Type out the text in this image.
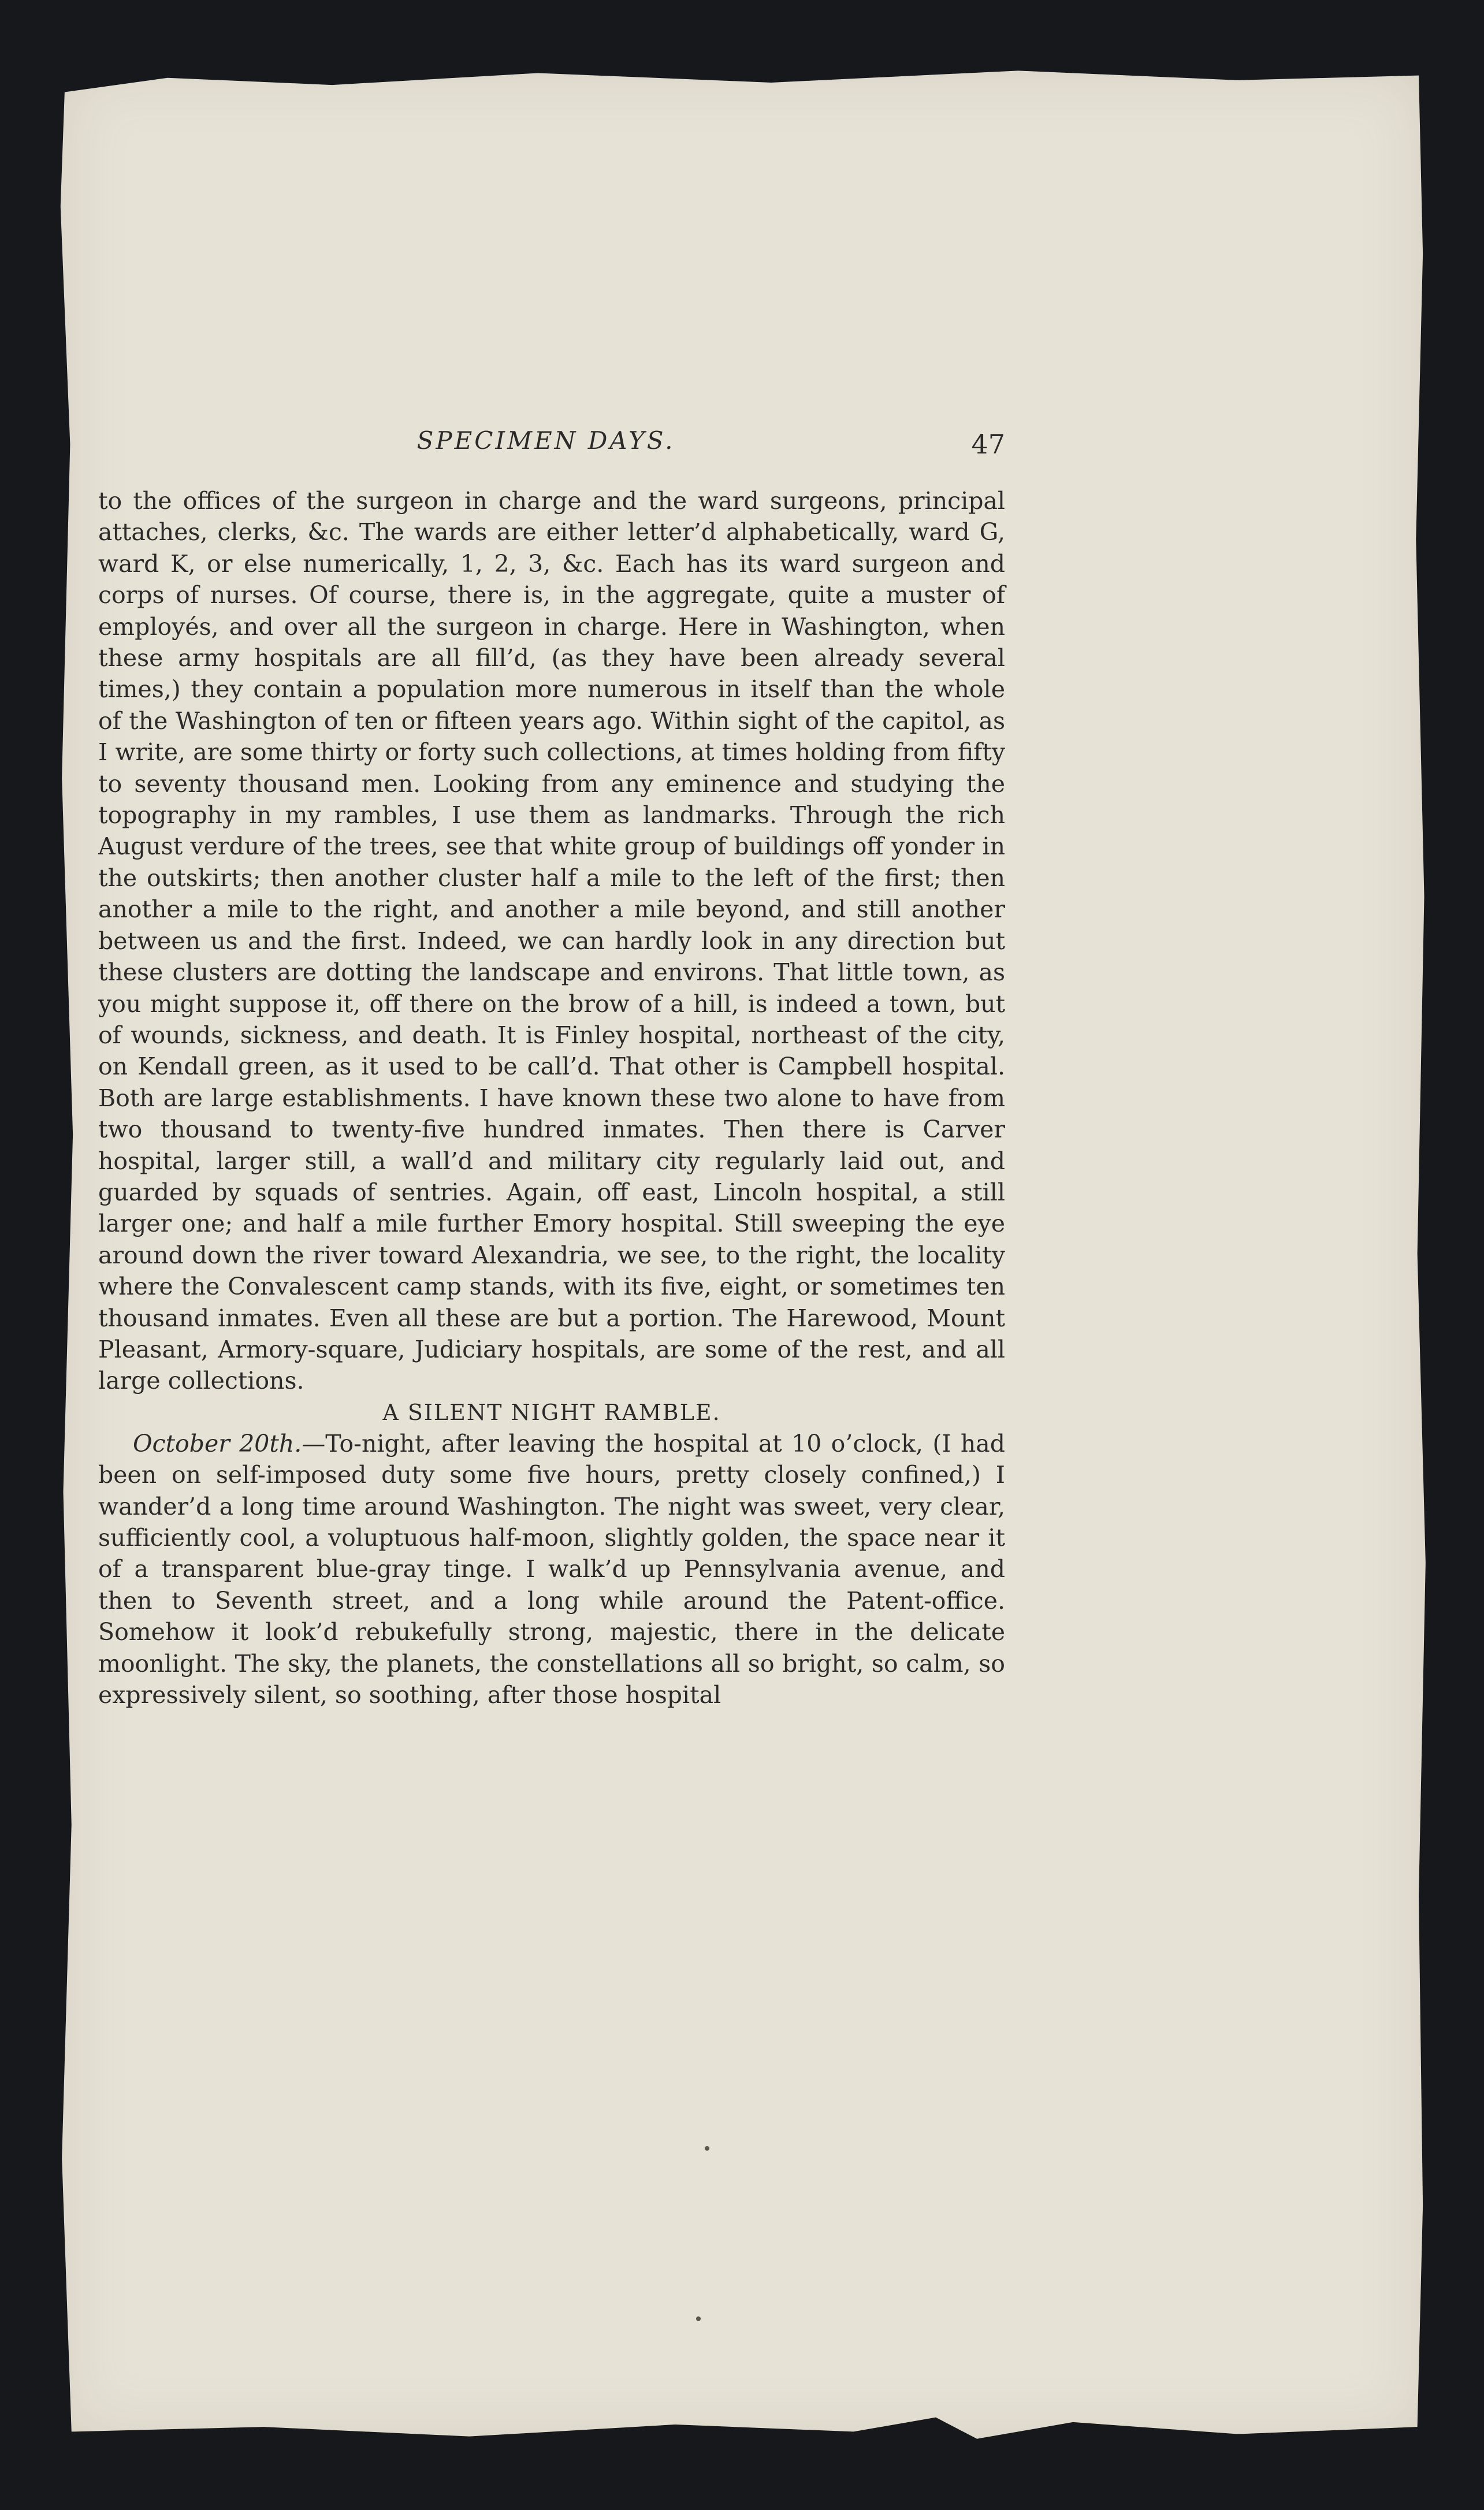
SPECIMEN DAYS.	47

to the offices of the surgeon in charge and the ward surgeons, principal attaches, clerks, &c. The wards are either letter’d alphabetically, ward G, ward K, or else numerically, 1, 2, 3, &c. Each has its ward surgeon and corps of nurses. Of course, there is, in the aggregate, quite a muster of employés, and over all the surgeon in charge. Here in Washington, when these army hospitals are all fill’d, (as they have been already several times,) they contain a population more numerous in itself than the whole of the Washington of ten or fifteen years ago. Within sight of the capitol, as I write, are some thirty or forty such collections, at times holding from fifty to seventy thousand men. Looking from any eminence and studying the topography in my rambles, I use them as landmarks. Through the rich August verdure of the trees, see that white group of buildings off yonder in the outskirts; then another cluster half a mile to the left of the first; then another a mile to the right, and another a mile beyond, and still another between us and the first. Indeed, we can hardly look in any direction but these clusters are dotting the landscape and environs. That little town, as you might suppose it, off there on the brow of a hill, is indeed a town, but of wounds, sickness, and death. It is Finley hospital, northeast of the city, on Kendall green, as it used to be call’d. That other is Campbell hospital. Both are large establishments. I have known these two alone to have from two thousand to twenty-five hundred inmates. Then there is Carver hospital, larger still, a wall’d and military city regularly laid out, and guarded by squads of sentries. Again, off east, Lincoln hospital, a still larger one; and half a mile further Emory hospital. Still sweeping the eye around down the river toward Alexandria, we see, to the right, the locality where the Convalescent camp stands, with its five, eight, or sometimes ten thousand inmates. Even all these are but a portion. The Harewood, Mount Pleasant, Armory-square, Judiciary hospitals, are some of the rest, and all large collections.

A SILENT NIGHT RAMBLE.

October 20th.—To-night, after leaving the hospital at 10 o’clock, (I had been on self-imposed duty some five hours, pretty closely confined,) I wander’d a long time around Washington. The night was sweet, very clear, sufficiently cool, a voluptuous half-moon, slightly golden, the space near it of a transparent blue-gray tinge. I walk’d up Pennsylvania avenue, and then to Seventh street, and a long while around the Patent-office. Somehow it look’d rebukefully strong, majestic, there in the delicate moonlight. The sky, the planets, the constellations all so bright, so calm, so expressively silent, so soothing, after those hospital
